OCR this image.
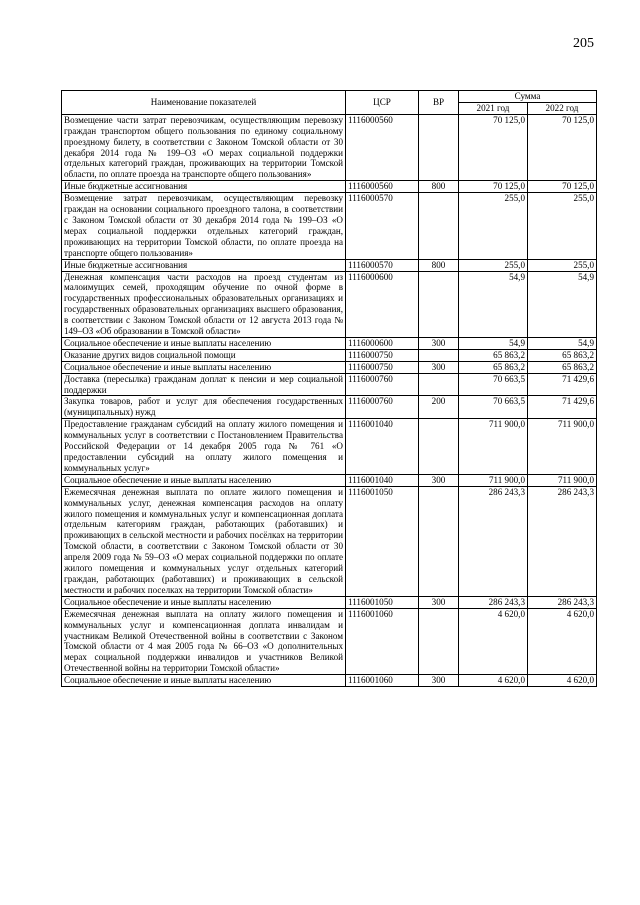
205
Наименование показателей	ЦСР	ВР	Сумма	
			2021 год	2022 год
Возмещение части затрат перевозчикам, осуществляющим перевозку граждан транспортом общего пользования по единому социальному проездному билету, в соответствии с Законом Томской области от 30 декабря 2014 года № 199–ОЗ «О мерах социальной поддержки отдельных категорий граждан, проживающих на территории Томской области, по оплате проезда на транспорте общего пользования»	1116000560		70 125,0	70 125,0
Иные бюджетные ассигнования	1116000560	800	70 125,0	70 125,0
Возмещение затрат перевозчикам, осуществляющим перевозку граждан на основании социального проездного талона, в соответствии с Законом Томской области от 30 декабря 2014 года № 199–ОЗ «О мерах социальной поддержки отдельных категорий граждан, проживающих на территории Томской области, по оплате проезда на транспорте общего пользования»	1116000570		255,0	255,0
Иные бюджетные ассигнования	1116000570	800	255,0	255,0
Денежная компенсация части расходов на проезд студентам из малоимущих семей, проходящим обучение по очной форме в государственных профессиональных образовательных организациях и государственных образовательных организациях высшего образования, в соответствии с Законом Томской области от 12 августа 2013 года № 149–ОЗ «Об образовании в Томской области»	1116000600		54,9	54,9
Социальное обеспечение и иные выплаты населению	1116000600	300	54,9	54,9
Оказание других видов социальной помощи	1116000750		65 863,2	65 863,2
Социальное обеспечение и иные выплаты населению	1116000750	300	65 863,2	65 863,2
Доставка (пересылка) гражданам доплат к пенсии и мер социальной поддержки	1116000760		70 663,5	71 429,6
Закупка товаров, работ и услуг для обеспечения государственных (муниципальных) нужд	1116000760	200	70 663,5	71 429,6
Предоставление гражданам субсидий на оплату жилого помещения и коммунальных услуг в соответствии с Постановлением Правительства Российской Федерации от 14 декабря 2005 года № 761 «О предоставлении субсидий на оплату жилого помещения и коммунальных услуг»	1116001040		711 900,0	711 900,0
Социальное обеспечение и иные выплаты населению	1116001040	300	711 900,0	711 900,0
Ежемесячная денежная выплата по оплате жилого помещения и коммунальных услуг, денежная компенсация расходов на оплату жилого помещения и коммунальных услуг и компенсационная доплата отдельным категориям граждан, работающих (работавших) и проживающих в сельской местности и рабочих посёлках на территории Томской области, в соответствии с Законом Томской области от 30 апреля 2009 года № 59–ОЗ «О мерах социальной поддержки по оплате жилого помещения и коммунальных услуг отдельных категорий граждан, работающих (работавших) и проживающих в сельской местности и рабочих поселках на территории Томской области»	1116001050		286 243,3	286 243,3
Социальное обеспечение и иные выплаты населению	1116001050	300	286 243,3	286 243,3
Ежемесячная денежная выплата на оплату жилого помещения и коммунальных услуг и компенсационная доплата инвалидам и участникам Великой Отечественной войны в соответствии с Законом Томской области от 4 мая 2005 года № 66–ОЗ «О дополнительных мерах социальной поддержки инвалидов и участников Великой Отечественной войны на территории Томской области»	1116001060		4 620,0	4 620,0
Социальное обеспечение и иные выплаты населению	1116001060	300	4 620,0	4 620,0
